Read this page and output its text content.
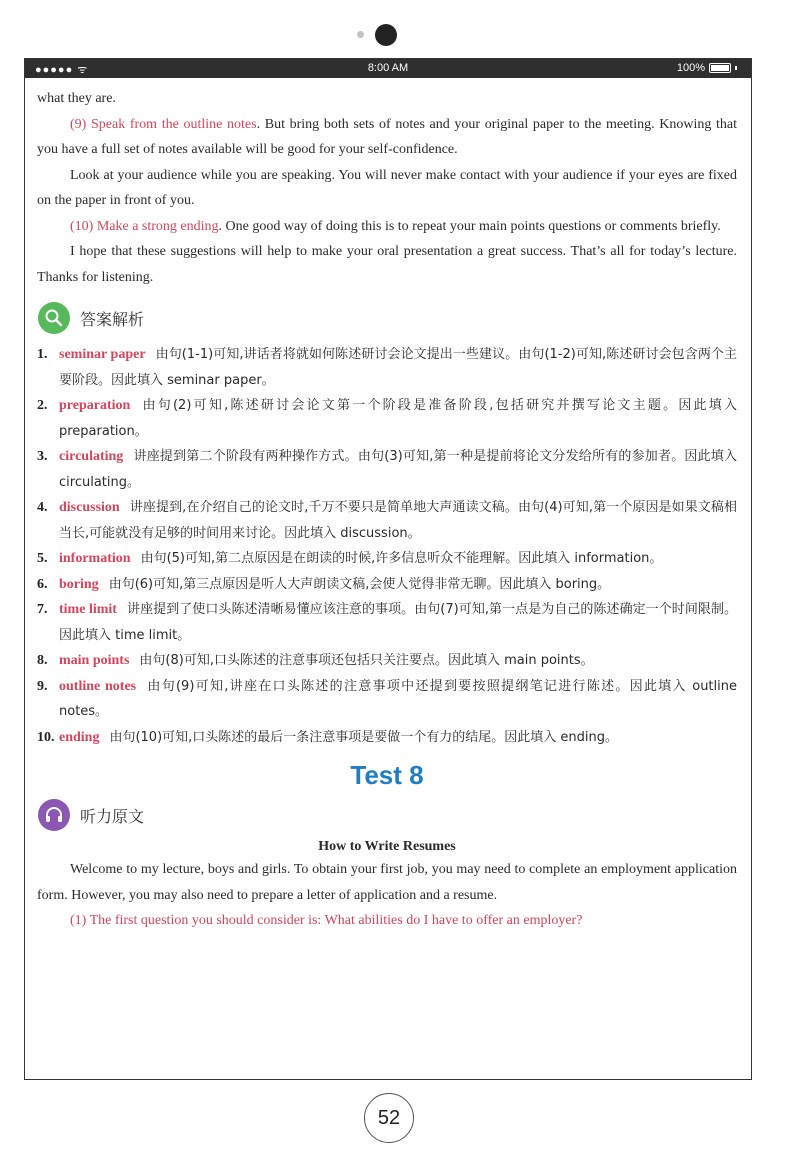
●●●●● ᯤ	8:00 AM	100%

what they are.

(9) Speak from the outline notes. But bring both sets of notes and your original paper to the meeting. Knowing that you have a full set of notes available will be good for your self-confidence.

Look at your audience while you are speaking. You will never make contact with your audience if your eyes are fixed on the paper in front of you.

(10) Make a strong ending. One good way of doing this is to repeat your main points questions or comments briefly.

I hope that these suggestions will help to make your oral presentation a great success. That’s all for today’s lecture. Thanks for listening.

答案解析
1. seminar paper 由句(1-1)可知,讲话者将就如何陈述研讨会论文提出一些建议。由句(1-2)可知,陈述研讨会包含两个主要阶段。因此填入 seminar paper。
2. preparation 由句(2)可知,陈述研讨会论文第一个阶段是准备阶段,包括研究并撰写论文主题。因此填入 preparation。
3. circulating 讲座提到第二个阶段有两种操作方式。由句(3)可知,第一种是提前将论文分发给所有的参加者。因此填入 circulating。
4. discussion 讲座提到,在介绍自己的论文时,千万不要只是简单地大声通读文稿。由句(4)可知,第一个原因是如果文稿相当长,可能就没有足够的时间用来讨论。因此填入 discussion。
5. information 由句(5)可知,第二点原因是在朗读的时候,许多信息听众不能理解。因此填入 information。
6. boring 由句(6)可知,第三点原因是听人大声朗读文稿,会使人觉得非常无聊。因此填入 boring。
7. time limit 讲座提到了使口头陈述清晰易懂应该注意的事项。由句(7)可知,第一点是为自己的陈述确定一个时间限制。因此填入 time limit。
8. main points 由句(8)可知,口头陈述的注意事项还包括只关注要点。因此填入 main points。
9. outline notes 由句(9)可知,讲座在口头陈述的注意事项中还提到要按照提纲笔记进行陈述。因此填入 outline notes。
10. ending 由句(10)可知,口头陈述的最后一条注意事项是要做一个有力的结尾。因此填入 ending。
Test 8
听力原文
How to Write Resumes

Welcome to my lecture, boys and girls. To obtain your first job, you may need to complete an employment application form. However, you may also need to prepare a letter of application and a resume.

(1) The first question you should consider is: What abilities do I have to offer an employer?

52
